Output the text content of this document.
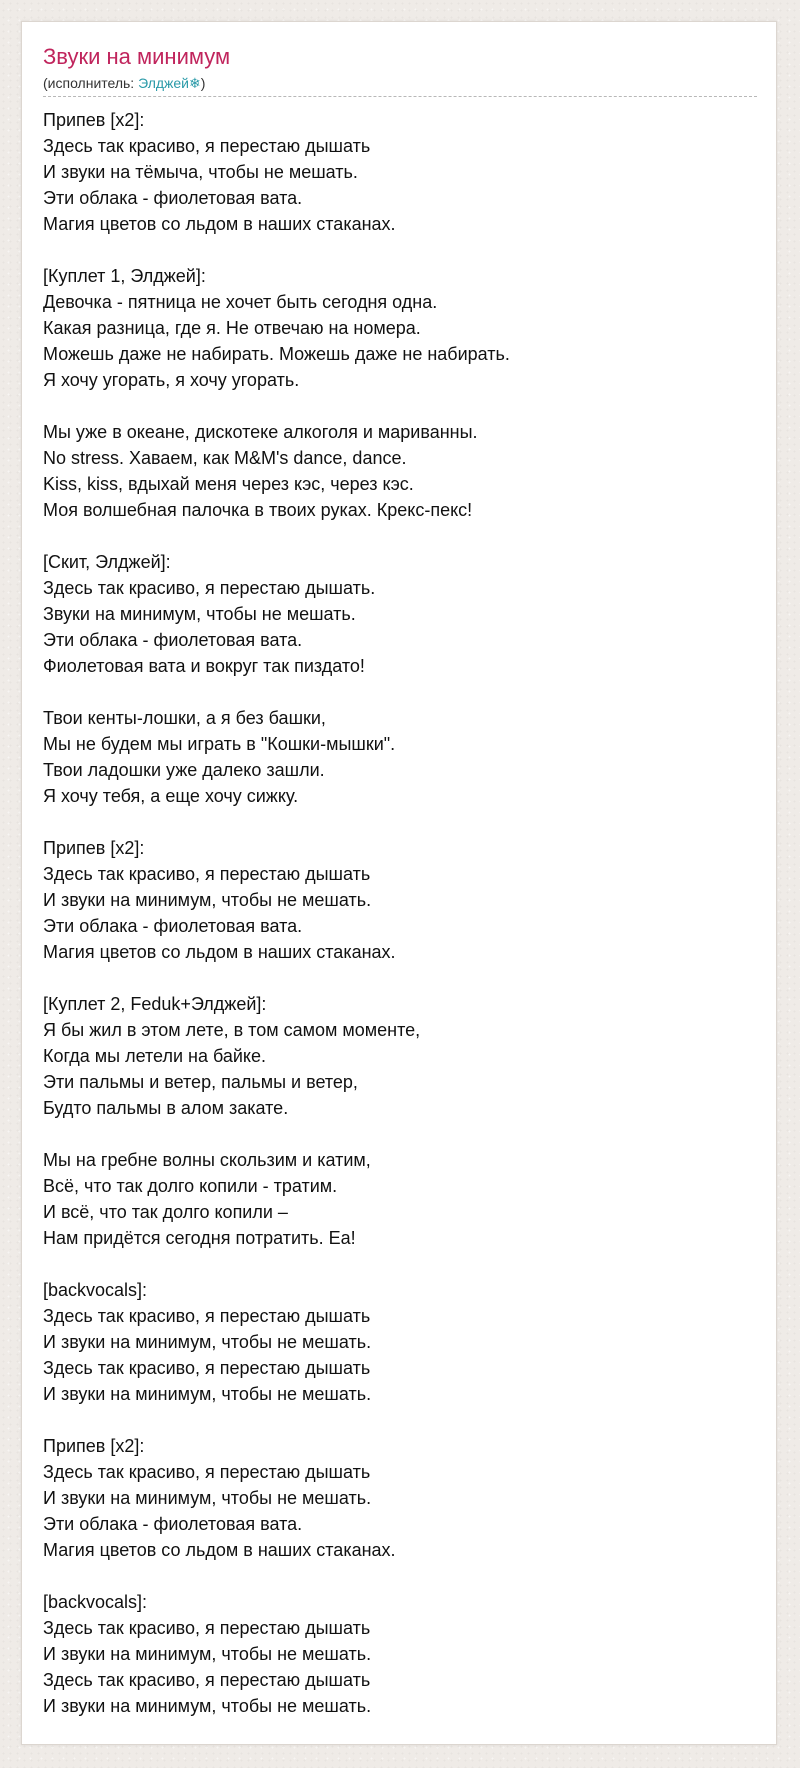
Звуки на минимум
(исполнитель: Элджей❄)
Припев [x2]:
Здесь так красиво, я перестаю дышать
И звуки на тёмыча, чтобы не мешать.
Эти облака - фиолетовая вата.
Магия цветов со льдом в наших стаканах.
[Куплет 1, Элджей]:
Девочка - пятница не хочет быть сегодня одна.
Какая разница, где я. Не отвечаю на номера.
Можешь даже не набирать. Можешь даже не набирать.
Я хочу угорать, я хочу угорать.
Мы уже в океане, дискотеке алкоголя и мариванны.
No stress. Хаваем, как M&M's dance, dance.
Kiss, kiss, вдыхай меня через кэс, через кэс.
Моя волшебная палочка в твоих руках. Крекс-пекс!
[Скит, Элджей]:
Здесь так красиво, я перестаю дышать.
Звуки на минимум, чтобы не мешать.
Эти облака - фиолетовая вата.
Фиолетовая вата и вокруг так пиздато!
Твои кенты-лошки, а я без башки,
Мы не будем мы играть в "Кошки-мышки".
Твои ладошки уже далеко зашли.
Я хочу тебя, а еще хочу сижку.
Припев [x2]:
Здесь так красиво, я перестаю дышать
И звуки на минимум, чтобы не мешать.
Эти облака - фиолетовая вата.
Магия цветов со льдом в наших стаканах.
[Куплет 2, Feduk+Элджей]:
Я бы жил в этом лете, в том самом моменте,
Когда мы летели на байке.
Эти пальмы и ветер, пальмы и ветер,
Будто пальмы в алом закате.
Мы на гребне волны скользим и катим,
Всё, что так долго копили - тратим.
И всё, что так долго копили –
Нам придётся сегодня потратить. Еа!
[backvocals]:
Здесь так красиво, я перестаю дышать
И звуки на минимум, чтобы не мешать.
Здесь так красиво, я перестаю дышать
И звуки на минимум, чтобы не мешать.
Припев [x2]:
Здесь так красиво, я перестаю дышать
И звуки на минимум, чтобы не мешать.
Эти облака - фиолетовая вата.
Магия цветов со льдом в наших стаканах.
[backvocals]:
Здесь так красиво, я перестаю дышать
И звуки на минимум, чтобы не мешать.
Здесь так красиво, я перестаю дышать
И звуки на минимум, чтобы не мешать.
